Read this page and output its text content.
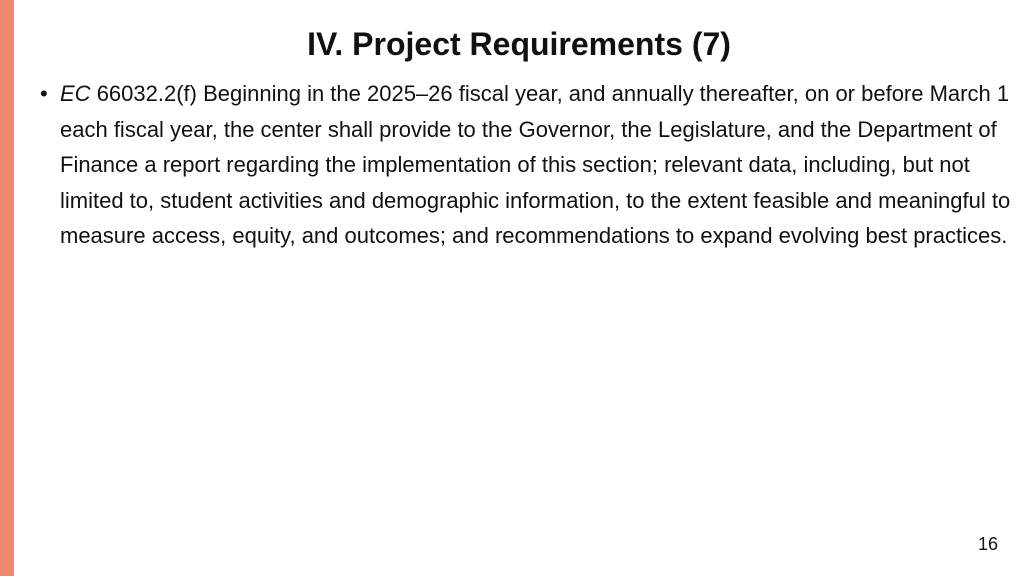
IV. Project Requirements (7)

• EC 66032.2(f) Beginning in the 2025–26 fiscal year, and annually thereafter, on or before March 1 each fiscal year, the center shall provide to the Governor, the Legislature, and the Department of Finance a report regarding the implementation of this section; relevant data, including, but not limited to, student activities and demographic information, to the extent feasible and meaningful to measure access, equity, and outcomes; and recommendations to expand evolving best practices.

16
